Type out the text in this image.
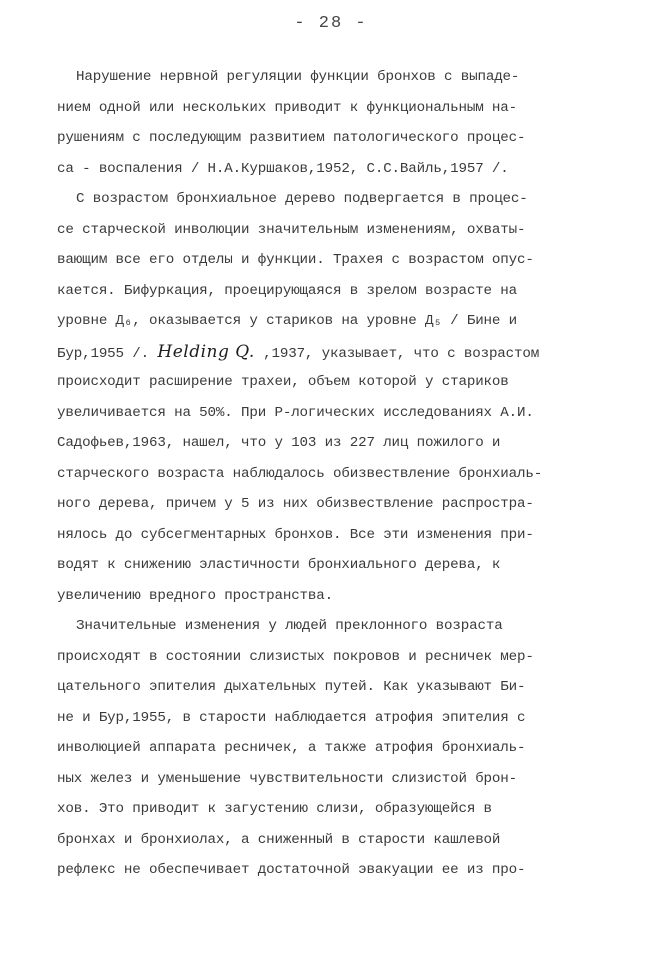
- 28 -
Нарушение нервной регуляции функции бронхов с выпаде-
нием одной или нескольких приводит к функциональным на-
рушениям с последующим развитием патологического процес-
са - воспаления / Н.А.Куршаков,1952, С.С.Вайль,1957 /.
С возрастом бронхиальное дерево подвергается в процес-
се старческой инволюции значительным изменениям, охваты-
вающим все его отделы и функции. Трахея с возрастом опус-
кается. Бифуркация, проецирующаяся в зрелом возрасте на
уровне Д₆, оказывается у стариков на уровне Д₅ / Бине и
Бур,1955 /. Helding Q. ,1937, указывает, что с возрастом
происходит расширение трахеи, объем которой у стариков
увеличивается на 50%. При Р-логических исследованиях А.И.
Садофьев,1963, нашел, что у 103 из 227 лиц пожилого и
старческого возраста наблюдалось обизвествление бронхиаль-
ного дерева, причем у 5 из них обизвествление распростра-
нялось до субсегментарных бронхов. Все эти изменения при-
водят к снижению эластичности бронхиального дерева, к
увеличению вредного пространства.
Значительные изменения у людей преклонного возраста
происходят в состоянии слизистых покровов и ресничек мер-
цательного эпителия дыхательных путей. Как указывают Би-
не и Бур,1955, в старости наблюдается атрофия эпителия с
инволюцией аппарата ресничек, а также атрофия бронхиаль-
ных желез и уменьшение чувствительности слизистой брон-
хов. Это приводит к загустению слизи, образующейся в
бронхах и бронхиолах, а сниженный в старости кашлевой
рефлекс не обеспечивает достаточной эвакуации ее из про-
